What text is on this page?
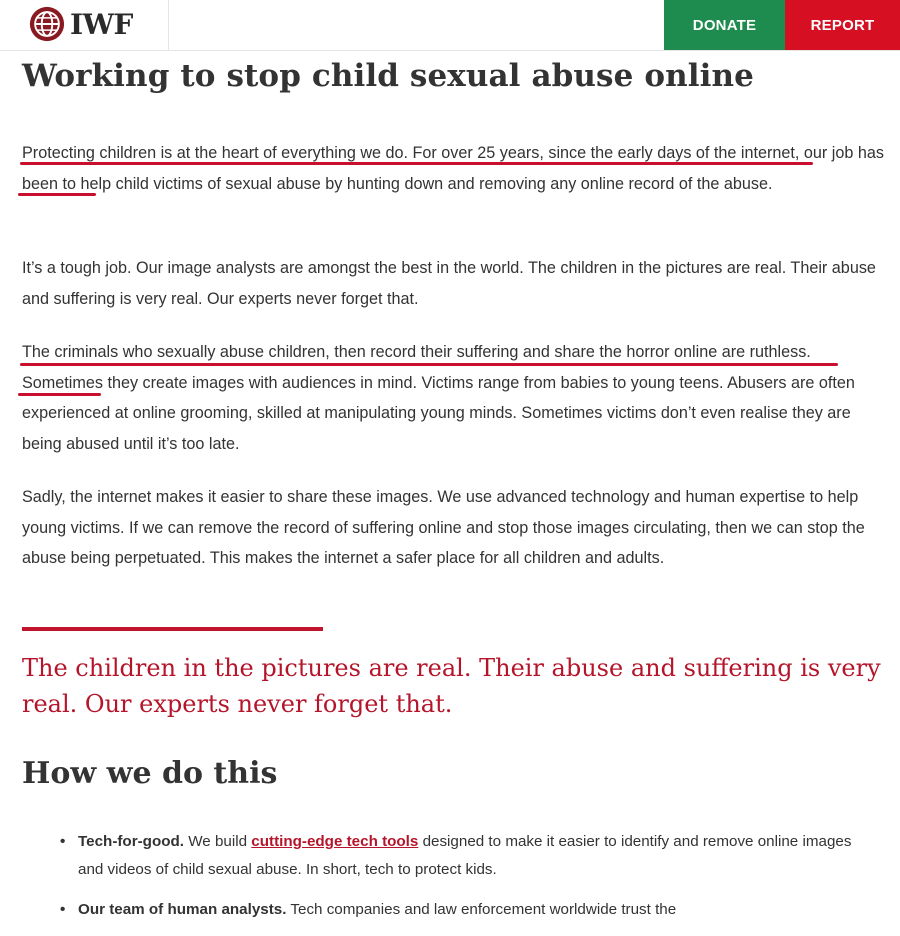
IWF	DONATE	REPORT
Working to stop child sexual abuse online

Protecting children is at the heart of everything we do. For over 25 years, since the early days of the internet, our job has been to help child victims of sexual abuse by hunting down and removing any online record of the abuse.

It’s a tough job. Our image analysts are amongst the best in the world. The children in the pictures are real. Their abuse and suffering is very real. Our experts never forget that.

The criminals who sexually abuse children, then record their suffering and share the horror online are ruthless. Sometimes they create images with audiences in mind. Victims range from babies to young teens. Abusers are often experienced at online grooming, skilled at manipulating young minds. Sometimes victims don’t even realise they are being abused until it’s too late.

Sadly, the internet makes it easier to share these images. We use advanced technology and human expertise to help young victims. If we can remove the record of suffering online and stop those images circulating, then we can stop the abuse being perpetuated. This makes the internet a safer place for all children and adults.

The children in the pictures are real. Their abuse and suffering is very real. Our experts never forget that.

How we do this
• Tech-for-good. We build cutting-edge tech tools designed to make it easier to identify and remove online images and videos of child sexual abuse. In short, tech to protect kids.
• Our team of human analysts. Tech companies and law enforcement worldwide trust the
